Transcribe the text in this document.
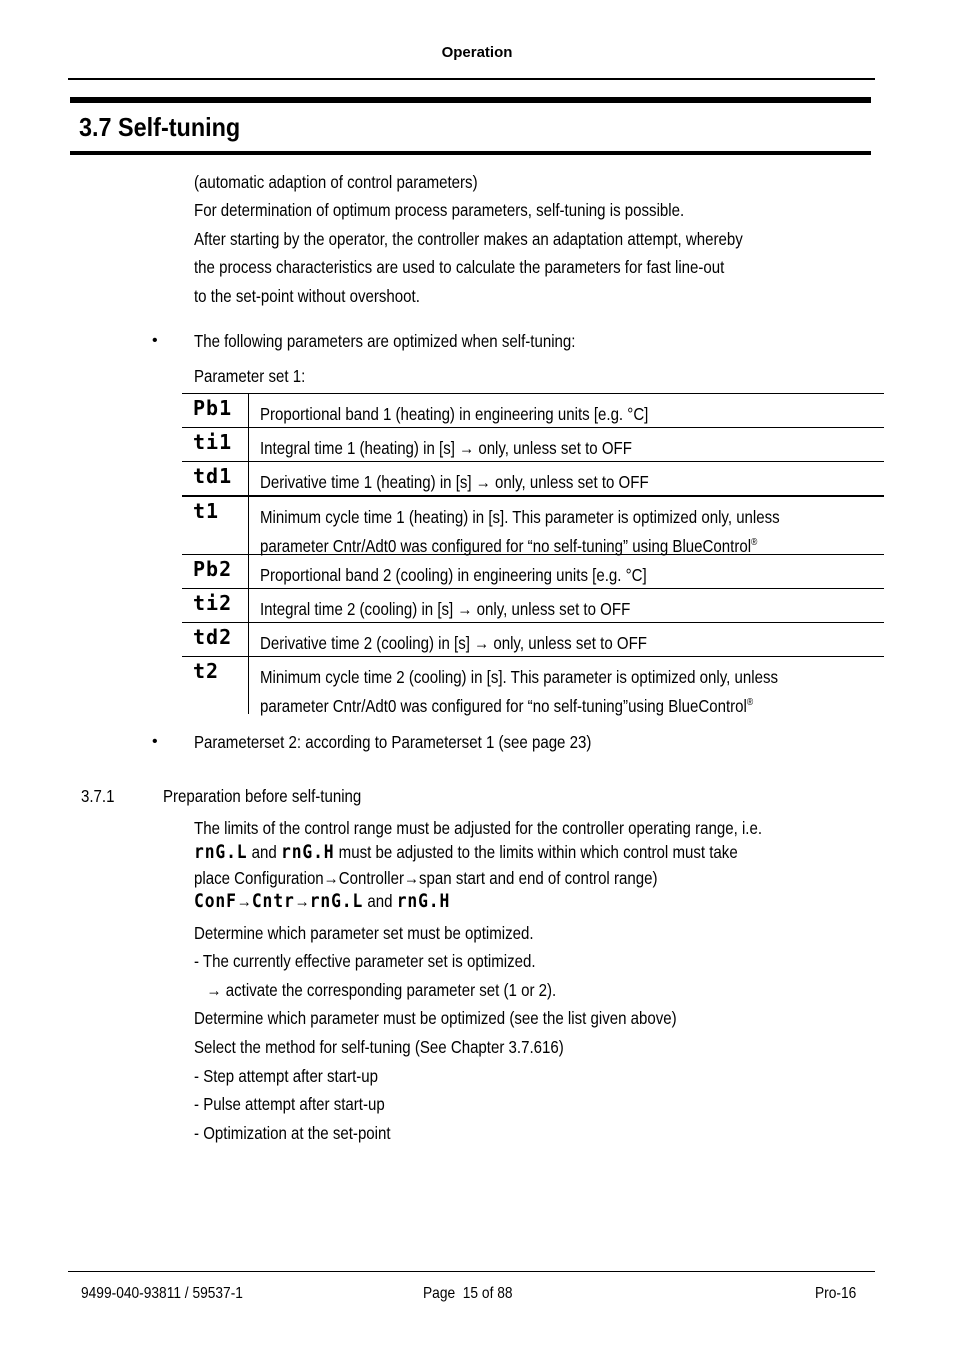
Operation
3.7 Self-tuning
(automatic adaption of control parameters)
For determination of optimum process parameters, self-tuning is possible.
After starting by the operator, the controller makes an adaptation attempt, whereby
the process characteristics are used to calculate the parameters for fast line-out
to the set-point without overshoot.
• The following parameters are optimized when self-tuning:
Parameter set 1:
Pb1 Proportional band 1 (heating) in engineering units [e.g. °C]
ti1 Integral time 1 (heating) in [s] → only, unless set to OFF
td1 Derivative time 1 (heating) in [s] → only, unless set to OFF
t1 Minimum cycle time 1 (heating) in [s]. This parameter is optimized only, unless
parameter Cntr/Adt0 was configured for “no self-tuning” using BlueControl®
Pb2 Proportional band 2 (cooling) in engineering units [e.g. °C]
ti2 Integral time 2 (cooling) in [s] → only, unless set to OFF
td2 Derivative time 2 (cooling) in [s] → only, unless set to OFF
t2 Minimum cycle time 2 (cooling) in [s]. This parameter is optimized only, unless
parameter Cntr/Adt0 was configured for “no self-tuning”using BlueControl®
• Parameterset 2: according to Parameterset 1 (see page 23)
3.7.1	Preparation before self-tuning
The limits of the control range must be adjusted for the controller operating range, i.e.
rnG.L and rnG.H must be adjusted to the limits within which control must take
place Configuration→Controller→span start and end of control range)
ConF→Cntr→rnG.L and rnG.H
Determine which parameter set must be optimized.
- The currently effective parameter set is optimized.
→ activate the corresponding parameter set (1 or 2).
Determine which parameter must be optimized (see the list given above)
Select the method for self-tuning (See Chapter 3.7.616)
- Step attempt after start-up
- Pulse attempt after start-up
- Optimization at the set-point
9499-040-93811 / 59537-1	Page  15 of 88	Pro-16
